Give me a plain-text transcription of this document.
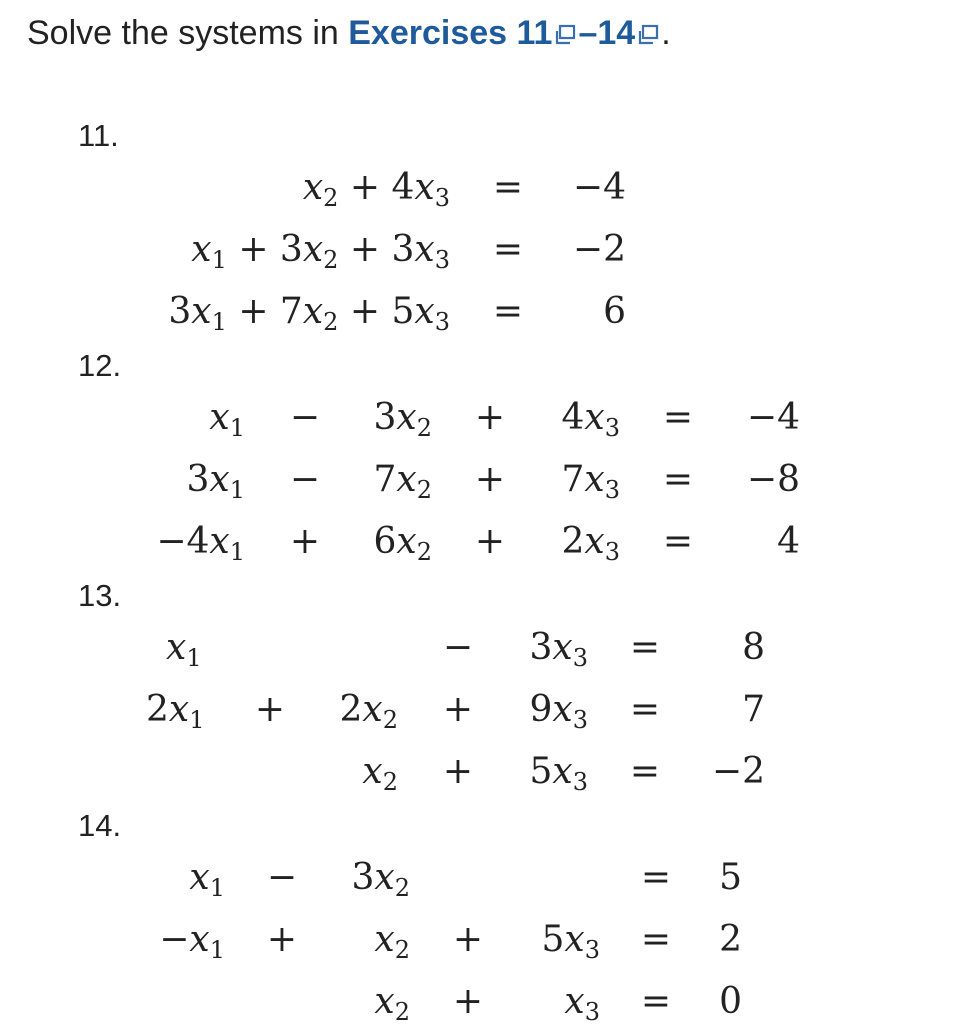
Solve the systems in Exercises 11 –14 .
11.
$x_2 + 4x_3$ =	−4
$x_1 + 3x_2 + 3x_3$ =	−2
$3x_1 + 7x_2 + 5x_3$ =	6
12.
$x_1$ −	$3x_2$ +	$4x_3$ =	−4
$3x_1$ −	$7x_2$ +	$7x_3$ =	−8
$-4x_1$ +	$6x_2$ +	$2x_3$ =	4
13.
$x_1$	−	$3x_3$ =	8
$2x_1$ +	$2x_2$ +	$9x_3$ =	7
$x_2$ +	$5x_3$ =	−2
14.
$x_1$ −	$3x_2$	=	5
$-x_1$ +	$x_2$ +	$5x_3$ =	2
$x_2$ +	$x_3$ =	0
